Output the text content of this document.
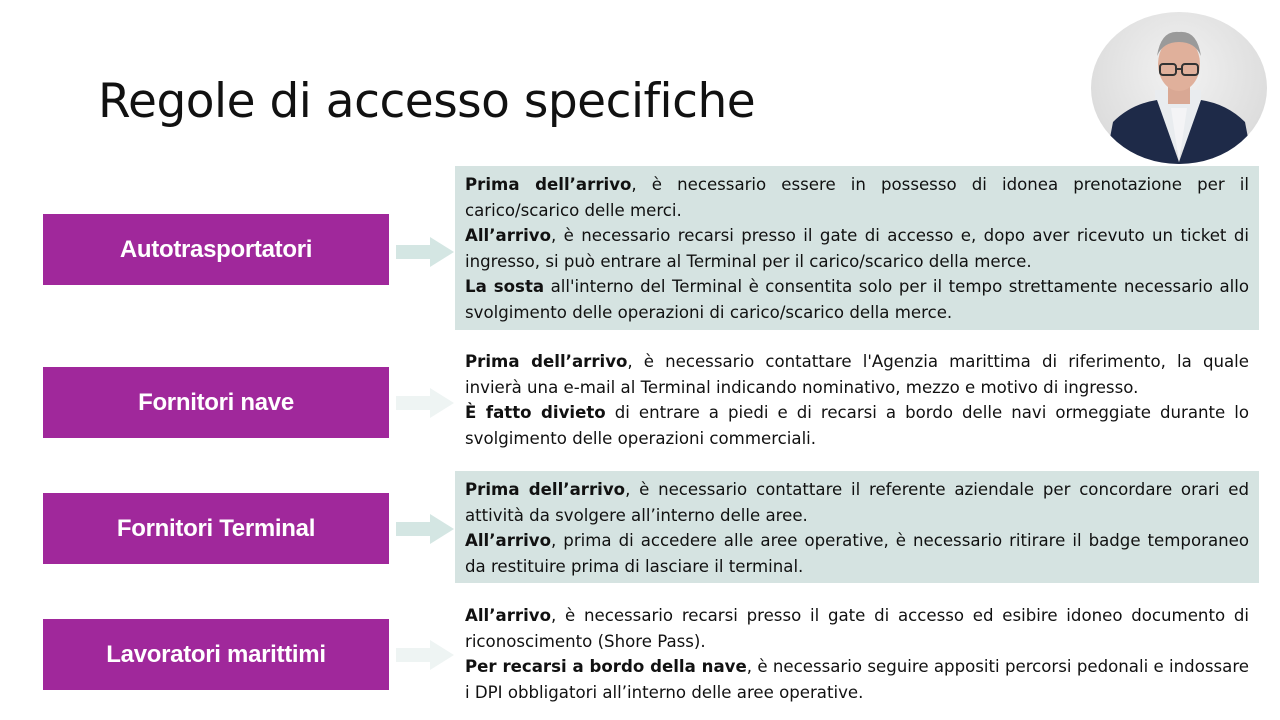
Regole di accesso specifiche
Autotrasportatori

Prima dell’arrivo, è necessario essere in possesso di idonea prenotazione per il carico/scarico delle merci.

All’arrivo, è necessario recarsi presso il gate di accesso e, dopo aver ricevuto un ticket di ingresso, si può entrare al Terminal per il carico/scarico della merce.

La sosta all'interno del Terminal è consentita solo per il tempo strettamente necessario allo svolgimento delle operazioni di carico/scarico della merce.

Fornitori nave

Prima dell’arrivo, è necessario contattare l'Agenzia marittima di riferimento, la quale invierà una e-mail al Terminal indicando nominativo, mezzo e motivo di ingresso.

È fatto divieto di entrare a piedi e di recarsi a bordo delle navi ormeggiate durante lo svolgimento delle operazioni commerciali.

Fornitori Terminal

Prima dell’arrivo, è necessario contattare il referente aziendale per concordare orari ed attività da svolgere all’interno delle aree.

All’arrivo, prima di accedere alle aree operative, è necessario ritirare il badge temporaneo da restituire prima di lasciare il terminal.

Lavoratori marittimi

All’arrivo, è necessario recarsi presso il gate di accesso ed esibire idoneo documento di riconoscimento (Shore Pass).

Per recarsi a bordo della nave, è necessario seguire appositi percorsi pedonali e indossare i DPI obbligatori all’interno delle aree operative.
